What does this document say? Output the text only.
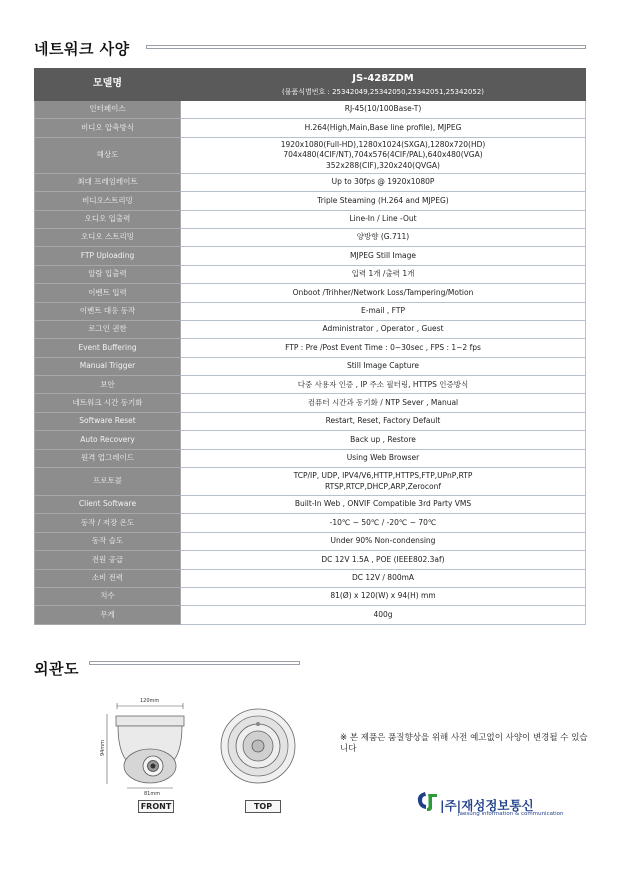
네트워크 사양
모델명	JS-428ZDM
(물품식별번호 : 25342049,25342050,25342051,25342052)

인터페이스	RJ-45(10/100Base-T)

비디오 압축방식	H.264(High,Main,Base line profile), MJPEG

해상도	1920x1080(Full-HD),1280x1024(SXGA),1280x720(HD)
704x480(4CIF/NT),704x576(4CIF/PAL),640x480(VGA)
352x288(CIF),320x240(QVGA)

최대 프레임레이트	Up to 30fps @ 1920x1080P

비디오스트리밍	Triple Steaming (H.264 and MJPEG)

오디오 입출력	Line-In / Line -Out

오디오 스트리밍	양방향 (G.711)

FTP Uploading	MJPEG Still Image

알람 입출력	입력 1개 /출력 1개

이벤트 입력	Onboot /Trihher/Network Loss/Tampering/Motion

이벤트 대응 동작	E-mail , FTP

로그인 권한	Administrator , Operator , Guest

Event Buffering	FTP : Pre /Post Event Time : 0~30sec , FPS : 1~2 fps

Manual Trigger	Still Image Capture

보안	다중 사용자 인증 , IP 주소 필터링, HTTPS 인증방식

네트워크 시간 동기화	컴퓨터 시간과 동기화 / NTP Sever , Manual

Software Reset	Restart, Reset, Factory Default

Auto Recovery	Back up , Restore

원격 업그레이드	Using Web Browser

프로토콜	TCP/IP, UDP, IPV4/V6,HTTP,HTTPS,FTP,UPnP,RTP
RTSP,RTCP,DHCP,ARP,Zeroconf

Client Software	Built-In Web , ONVIF Compatible 3rd Party VMS

동작 / 저장 온도	-10℃ ~ 50℃ / -20℃ ~ 70℃

동작 습도	Under 90% Non-condensing

전원 공급	DC 12V 1.5A , POE (IEEE802.3af)

소비 전력	DC 12V / 800mA

치수	81(Ø) x 120(W) x 94(H) mm

무게	400g
외관도
120mm
94mm
81mm
FRONT	TOP
※ 본 제품은 품질향상을 위해 사전 예고없이 사양이 변경될 수 있습니다
|주|재성정보통신
Jaesung information & communication
